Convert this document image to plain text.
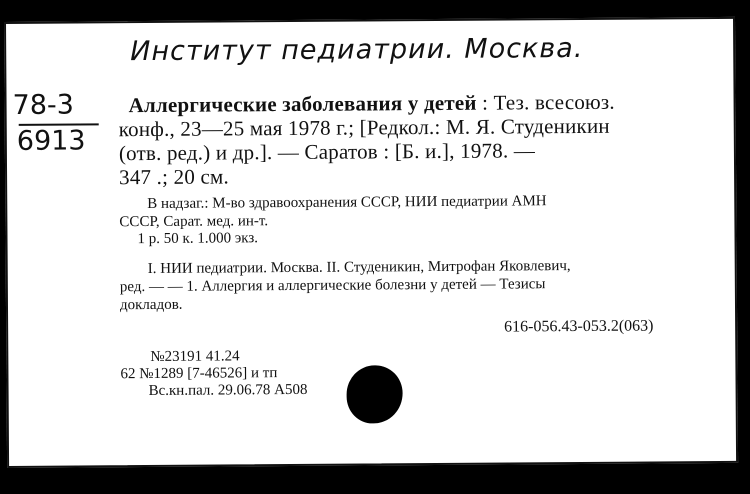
Институт педиатрии. Москва.
78-3
6913
Аллергические заболевания у детей : Тез. всесоюз.
конф., 23—25 мая 1978 г.; [Редкол.: М. Я. Студеникин
(отв. ред.) и др.]. — Саратов : [Б. и.], 1978. —
347 .; 20 см.
В надзаг.: М-во здравоохранения СССР, НИИ педиатрии АМН
СССР, Сарат. мед. ин-т.
1 р. 50 к. 1.000 экз.
I. НИИ педиатрии. Москва. II. Студеникин, Митрофан Яковлевич,
ред. — — 1. Аллергия и аллергические болезни у детей — Тезисы
докладов.
616-056.43-053.2(063)
№23191 41.24
62 №1289 [7-46526] и тп
Вс.кн.пал. 29.06.78 А508
